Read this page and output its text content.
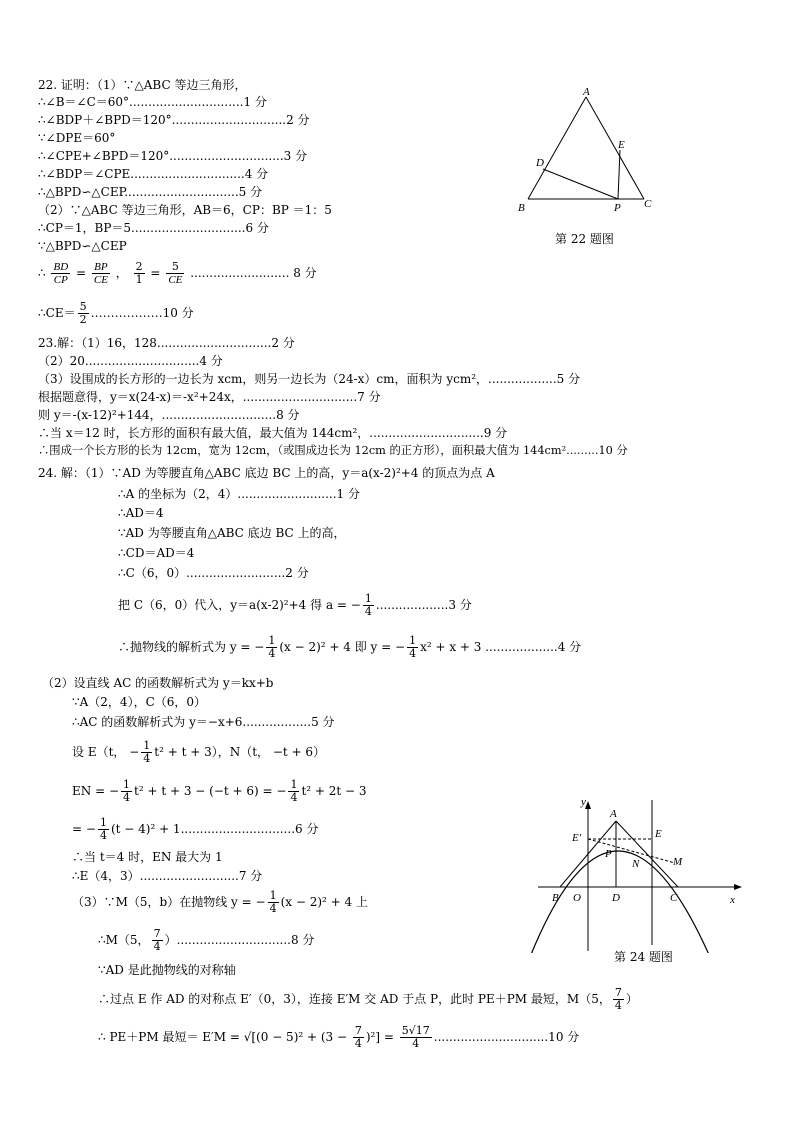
22. 证明：（1）∵△ABC 等边三角形，
∴∠B＝∠C＝60°..............................1 分
∴∠BDP＋∠BPD＝120°..............................2 分
∵∠DPE＝60°
∴∠CPE+∠BPD＝120°..............................3 分
∴∠BDP＝∠CPE..............................4 分
∴△BPD∽△CEP..............................5 分
（2）∵△ABC 等边三角形，AB＝6，CP：BP ＝1：5
∴CP＝1，BP＝5..............................6 分
∵△BPD∽△CEP
∴ $\frac{BD}{CP} = \frac{BP}{CE}$ ， $\frac{2}{1} = \frac{5}{CE}$ .......................... 8 分
∴CE＝ $\frac{5}{2}$ ………………10 分
A
B	C
D
E
P
第 22 题图
23.解：（1）16，128..............................2 分
（2）20..............................4 分
（3）设围成的长方形的一边长为 xcm，则另一边长为（24-x）cm，面积为 ycm²，..................5 分
根据题意得，y＝x(24-x)＝-x²+24x，..............................7 分
则 y＝-(x-12)²+144，..............................8 分
∴当 x＝12 时，长方形的面积有最大值，最大值为 144cm²，..............................9 分
∴围成一个长方形的长为 12cm，宽为 12cm，（或围成边长为 12cm 的正方形），面积最大值为 144cm².........10 分
24. 解：（1）∵AD 为等腰直角△ABC 底边 BC 上的高，y＝a(x-2)²+4 的顶点为点 A
∴A 的坐标为（2，4）..........................1 分
∴AD＝4
∵AD 为等腰直角△ABC 底边 BC 上的高，
∴CD＝AD＝4
∴C（6，0）..........................2 分
把 C（6，0）代入，y＝a(x-2)²+4 得 a = − $\frac{1}{4} ...................3$ 分
∴抛物线的解析式为 y = − $\frac{1}{4} (x - 2)^2 + 4$ 即 y = − $\frac{1}{4} x^2 + x + 3$ ...................4 分
（2）设直线 AC 的函数解析式为 y＝kx+b
∵A（2，4），C（6，0）
∴AC 的函数解析式为 y＝−x+6..................5 分
设 E（t， − $\frac{1}{4} t^2 + t + 3$），N（t， −t + 6）
EN = − $\frac{1}{4} t^2 + t + 3 - (-t + 6)$ = − $\frac{1}{4} t^2 + 2t - 3$
= − $\frac{1}{4} (t - 4)^2 + 1..............................6$ 分
∴当 t＝4 时，EN 最大为 1
∴E（4，3）..........................7 分
（3）∵M（5，b）在抛物线 y = − $\frac{1}{4} (x - 2)^2 + 4$ 上
∴M（5， $\frac{7}{4} )..............................8$ 分
∵AD 是此抛物线的对称轴
∴过点 E 作 AD 的对称点 E′（0，3），连接 E′M 交 AD 于点 P，此时 PE＋PM 最短，M（5， $\frac{7}{4}$ ）
∴ PE＋PM 最短＝ $E'M = √[(0 - 5)^2 + (3 - \frac{7}{4} )^2] = \frac{5√17}{4} ..............................10$ 分
y
x
A
E
E′
P
N	M
B O	D	C
第 24 题图
